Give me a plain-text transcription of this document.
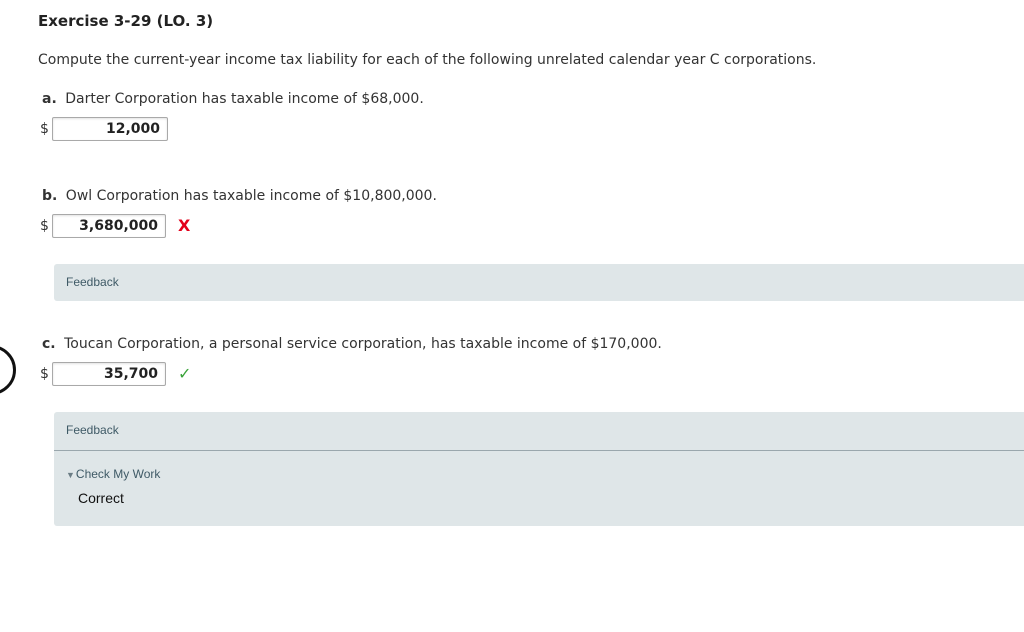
Exercise 3-29 (LO. 3)
Compute the current-year income tax liability for each of the following unrelated calendar year C corporations.
a. Darter Corporation has taxable income of $68,000.
$	12,000
b. Owl Corporation has taxable income of $10,800,000.
$	3,680,000	X
Feedback
c. Toucan Corporation, a personal service corporation, has taxable income of $170,000.
$	35,700	✓
Feedback
▼Check My Work
Correct
